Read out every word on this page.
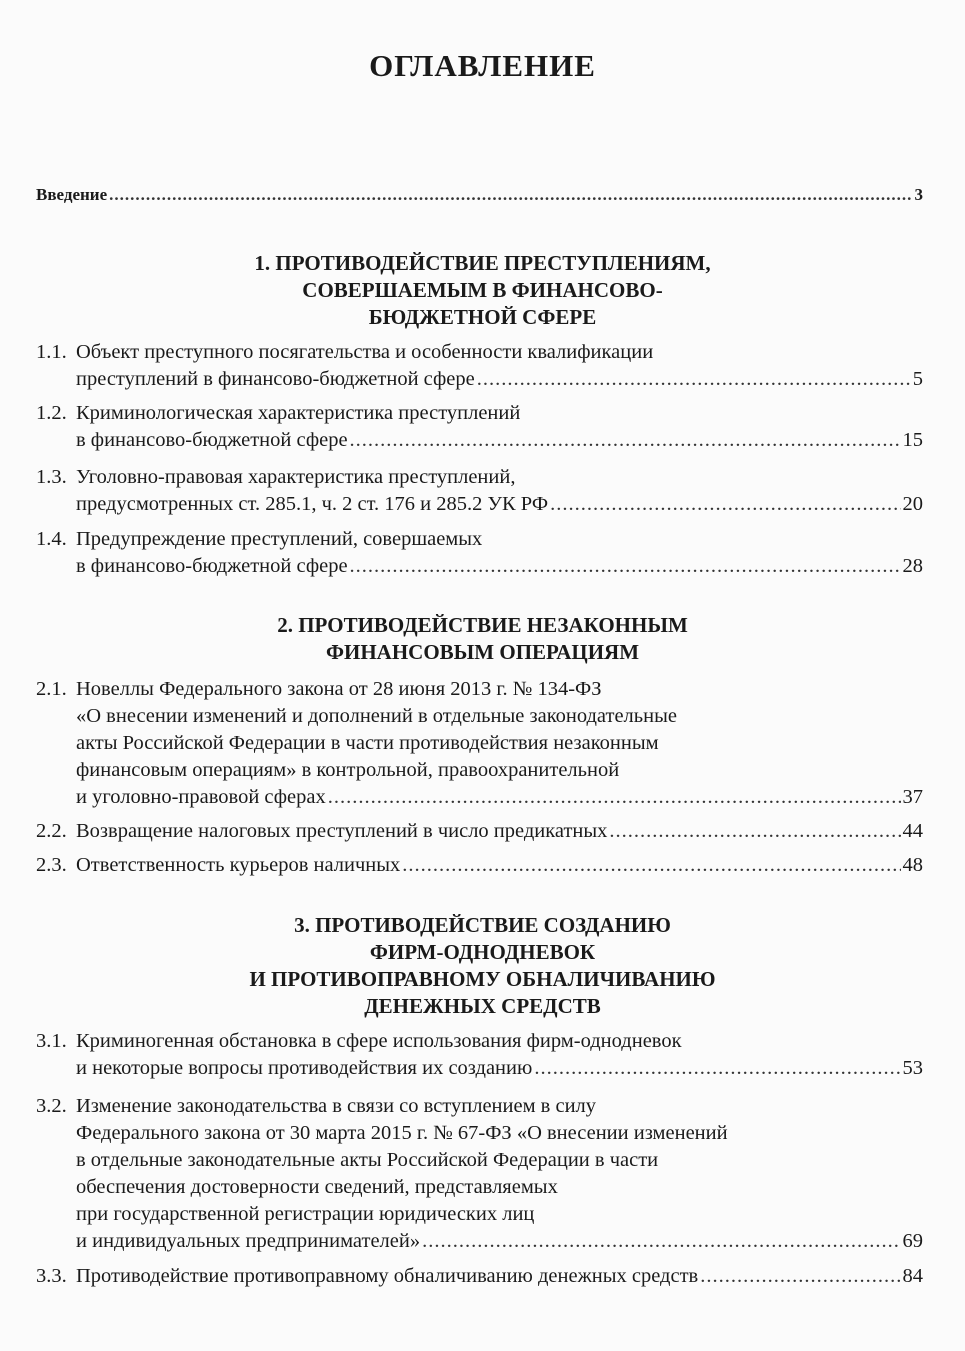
ОГЛАВЛЕНИЕ
Введение .....	3
1. ПРОТИВОДЕЙСТВИЕ ПРЕСТУПЛЕНИЯМ,
СОВЕРШАЕМЫМ В ФИНАНСОВО-
БЮДЖЕТНОЙ СФЕРЕ
1.1. Объект преступного посягательства и особенности квалификации
преступлений в финансово-бюджетной сфере .....	5
1.2. Криминологическая характеристика преступлений
в финансово-бюджетной сфере .....	15
1.3. Уголовно-правовая характеристика преступлений,
предусмотренных ст. 285.1, ч. 2 ст. 176 и 285.2 УК РФ .....	20
1.4. Предупреждение преступлений, совершаемых
в финансово-бюджетной сфере .....	28
2. ПРОТИВОДЕЙСТВИЕ НЕЗАКОННЫМ
ФИНАНСОВЫМ ОПЕРАЦИЯМ
2.1. Новеллы Федерального закона от 28 июня 2013 г. № 134-ФЗ
«О внесении изменений и дополнений в отдельные законодательные
акты Российской Федерации в части противодействия незаконным
финансовым операциям» в контрольной, правоохранительной
и уголовно-правовой сферах .....	37
2.2. Возвращение налоговых преступлений в число предикатных .....	44
2.3. Ответственность курьеров наличных .....	48
3. ПРОТИВОДЕЙСТВИЕ СОЗДАНИЮ
ФИРМ-ОДНОДНЕВОК
И ПРОТИВОПРАВНОМУ ОБНАЛИЧИВАНИЮ
ДЕНЕЖНЫХ СРЕДСТВ
3.1. Криминогенная обстановка в сфере использования фирм-однодневок
и некоторые вопросы противодействия их созданию .....	53
3.2. Изменение законодательства в связи со вступлением в силу
Федерального закона от 30 марта 2015 г. № 67-ФЗ «О внесении изменений
в отдельные законодательные акты Российской Федерации в части
обеспечения достоверности сведений, представляемых
при государственной регистрации юридических лиц
и индивидуальных предпринимателей» .....	69
3.3. Противодействие противоправному обналичиванию денежных средств .....	84
